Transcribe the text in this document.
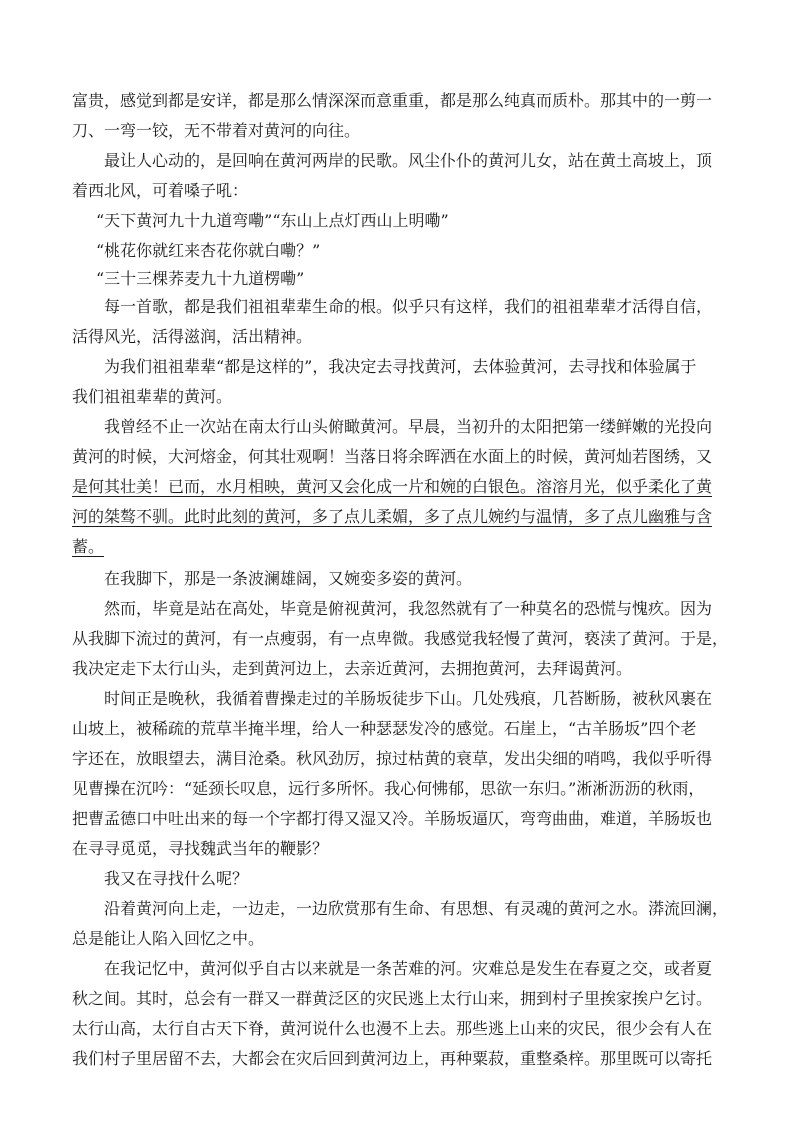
富贵，感觉到都是安详，都是那么情深深而意重重，都是那么纯真而质朴。那其中的一剪一
刀、一弯一铰，无不带着对黄河的向往。
最让人心动的，是回响在黄河两岸的民歌。风尘仆仆的黄河儿女，站在黄土高坡上，顶
着西北风，可着嗓子吼：
“天下黄河九十九道弯嘞”“东山上点灯西山上明嘞”
“桃花你就红来杏花你就白嘞？”
“三十三棵荞麦九十九道楞嘞”
每一首歌，都是我们祖祖辈辈生命的根。似乎只有这样，我们的祖祖辈辈才活得自信，
活得风光，活得滋润，活出精神。
为我们祖祖辈辈“都是这样的”，我决定去寻找黄河，去体验黄河，去寻找和体验属于
我们祖祖辈辈的黄河。
我曾经不止一次站在南太行山头俯瞰黄河。早晨，当初升的太阳把第一缕鲜嫩的光投向
黄河的时候，大河熔金，何其壮观啊！当落日将余晖洒在水面上的时候，黄河灿若图绣，又
是何其壮美！已而，水月相映，黄河又会化成一片和婉的白银色。溶溶月光，似乎柔化了黄
河的桀骜不驯。此时此刻的黄河，多了点儿柔媚，多了点儿婉约与温情，多了点儿幽雅与含
蓄。
在我脚下，那是一条波澜雄阔，又婉娈多姿的黄河。
然而，毕竟是站在高处，毕竟是俯视黄河，我忽然就有了一种莫名的恐慌与愧疚。因为
从我脚下流过的黄河，有一点瘦弱，有一点卑微。我感觉我轻慢了黄河，亵渎了黄河。于是，
我决定走下太行山头，走到黄河边上，去亲近黄河，去拥抱黄河，去拜谒黄河。
时间正是晚秋，我循着曹操走过的羊肠坂徒步下山。几处残痕，几苔断肠，被秋风裹在
山坡上，被稀疏的荒草半掩半埋，给人一种瑟瑟发冷的感觉。石崖上，“古羊肠坂”四个老
字还在，放眼望去，满目沧桑。秋风劲厉，掠过枯黄的衰草，发出尖细的哨鸣，我似乎听得
见曹操在沉吟：“延颈长叹息，远行多所怀。我心何怫郁，思欲一东归。”淅淅沥沥的秋雨，
把曹孟德口中吐出来的每一个字都打得又湿又冷。羊肠坂逼仄，弯弯曲曲，难道，羊肠坂也
在寻寻觅觅，寻找魏武当年的鞭影？
我又在寻找什么呢？
沿着黄河向上走，一边走，一边欣赏那有生命、有思想、有灵魂的黄河之水。漭流回澜，
总是能让人陷入回忆之中。
在我记忆中，黄河似乎自古以来就是一条苦难的河。灾难总是发生在春夏之交，或者夏
秋之间。其时，总会有一群又一群黄泛区的灾民逃上太行山来，拥到村子里挨家挨户乞讨。
太行山高，太行自古天下脊，黄河说什么也漫不上去。那些逃上山来的灾民，很少会有人在
我们村子里居留不去，大都会在灾后回到黄河边上，再种粟菽，重整桑梓。那里既可以寄托
